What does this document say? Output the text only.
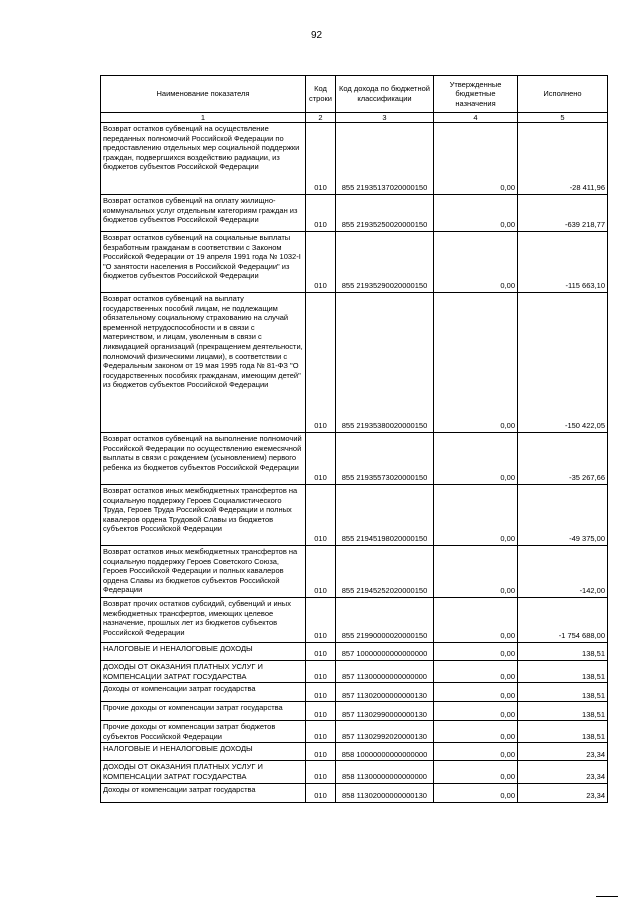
92
Наименование показателя	Код строки	Код дохода по бюджетной классификации	Утвержденные бюджетные назначения	Исполнено
1	2	3	4	5
Возврат остатков субвенций на осуществление переданных полномочий Российской Федерации по предоставлению отдельных мер социальной поддержки граждан, подвергшихся воздействию радиации, из бюджетов субъектов Российской Федерации	010	855 21935137020000150	0,00	-28 411,96
Возврат остатков субвенций на оплату жилищно-коммунальных услуг отдельным категориям граждан из бюджетов субъектов Российской Федерации	010	855 21935250020000150	0,00	-639 218,77
Возврат остатков субвенций на социальные выплаты безработным гражданам в соответствии с Законом Российской Федерации от 19 апреля 1991 года № 1032-I "О занятости населения в Российской Федерации" из бюджетов субъектов Российской Федерации	010	855 21935290020000150	0,00	-115 663,10
Возврат остатков субвенций на выплату государственных пособий лицам, не подлежащим обязательному социальному страхованию на случай временной нетрудоспособности и в связи с материнством, и лицам, уволенным в связи с ликвидацией организаций (прекращением деятельности, полномочий физическими лицами), в соответствии с Федеральным законом от 19 мая 1995 года № 81-ФЗ "О государственных пособиях гражданам, имеющим детей" из бюджетов субъектов Российской Федерации	010	855 21935380020000150	0,00	-150 422,05
Возврат остатков субвенций на выполнение полномочий Российской Федерации по осуществлению ежемесячной выплаты в связи с рождением (усыновлением) первого ребенка из бюджетов субъектов Российской Федерации	010	855 21935573020000150	0,00	-35 267,66
Возврат остатков иных межбюджетных трансфертов на социальную поддержку Героев Социалистического Труда, Героев Труда Российской Федерации и полных кавалеров ордена Трудовой Славы из бюджетов субъектов Российской Федерации	010	855 21945198020000150	0,00	-49 375,00
Возврат остатков иных межбюджетных трансфертов на социальную поддержку Героев Советского Союза, Героев Российской Федерации и полных кавалеров ордена Славы из бюджетов субъектов Российской Федерации	010	855 21945252020000150	0,00	-142,00
Возврат прочих остатков субсидий, субвенций и иных межбюджетных трансфертов, имеющих целевое назначение, прошлых лет из бюджетов субъектов Российской Федерации	010	855 21990000020000150	0,00	-1 754 688,00
НАЛОГОВЫЕ И НЕНАЛОГОВЫЕ ДОХОДЫ	010	857 10000000000000000	0,00	138,51
ДОХОДЫ ОТ ОКАЗАНИЯ ПЛАТНЫХ УСЛУГ И КОМПЕНСАЦИИ ЗАТРАТ ГОСУДАРСТВА	010	857 11300000000000000	0,00	138,51
Доходы от компенсации затрат государства	010	857 11302000000000130	0,00	138,51
Прочие доходы от компенсации затрат государства	010	857 11302990000000130	0,00	138,51
Прочие доходы от компенсации затрат бюджетов субъектов Российской Федерации	010	857 11302992020000130	0,00	138,51
НАЛОГОВЫЕ И НЕНАЛОГОВЫЕ ДОХОДЫ	010	858 10000000000000000	0,00	23,34
ДОХОДЫ ОТ ОКАЗАНИЯ ПЛАТНЫХ УСЛУГ И КОМПЕНСАЦИИ ЗАТРАТ ГОСУДАРСТВА	010	858 11300000000000000	0,00	23,34
Доходы от компенсации затрат государства	010	858 11302000000000130	0,00	23,34
